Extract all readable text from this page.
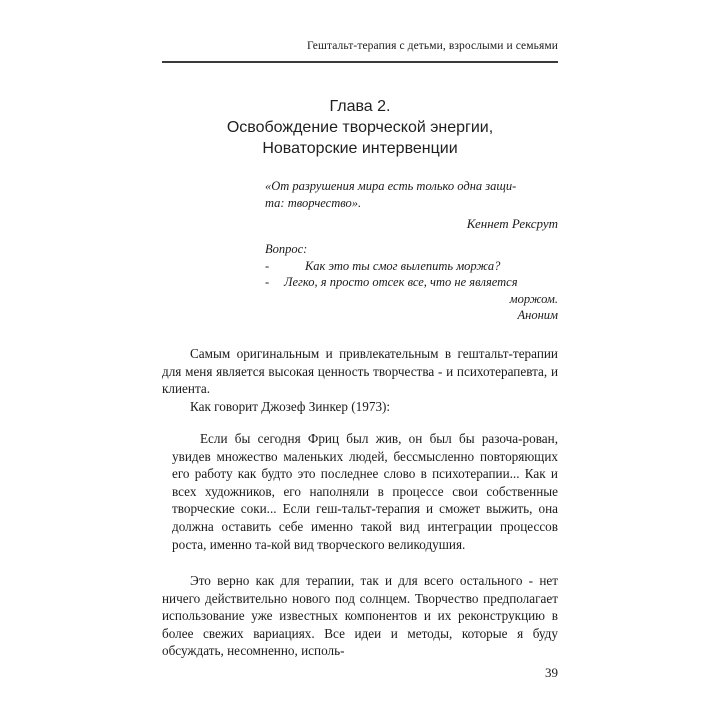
Гештальт-терапия с детьми, взрослыми и семьями
Глава 2.
Освобождение творческой энергии,
Новаторские интервенции
«От разрушения мира есть только одна защи-
та: творчество».
Кеннет Рексрут
Вопрос:
-	Как это ты смог вылепить моржа?
- Легко, я просто отсек все, что не является
моржом.
Аноним

Самым оригинальным и привлекательным в гештальт-терапии для меня является высокая ценность творчества - и психотерапевта, и клиента.

Как говорит Джозеф Зинкер (1973):

Если бы сегодня Фриц был жив, он был бы разоча-рован, увидев множество маленьких людей, бессмысленно повторяющих его работу как будто это последнее слово в психотерапии... Как и всех художников, его наполняли в процессе свои собственные творческие соки... Если геш-тальт-терапия и сможет выжить, она должна оставить себе именно такой вид интеграции процессов роста, именно та-кой вид творческого великодушия.

Это верно как для терапии, так и для всего остального - нет ничего действительно нового под солнцем. Творчество предполагает использование уже известных компонентов и их реконструкцию в более свежих вариациях. Все идеи и методы, которые я буду обсуждать, несомненно, исполь-

39
